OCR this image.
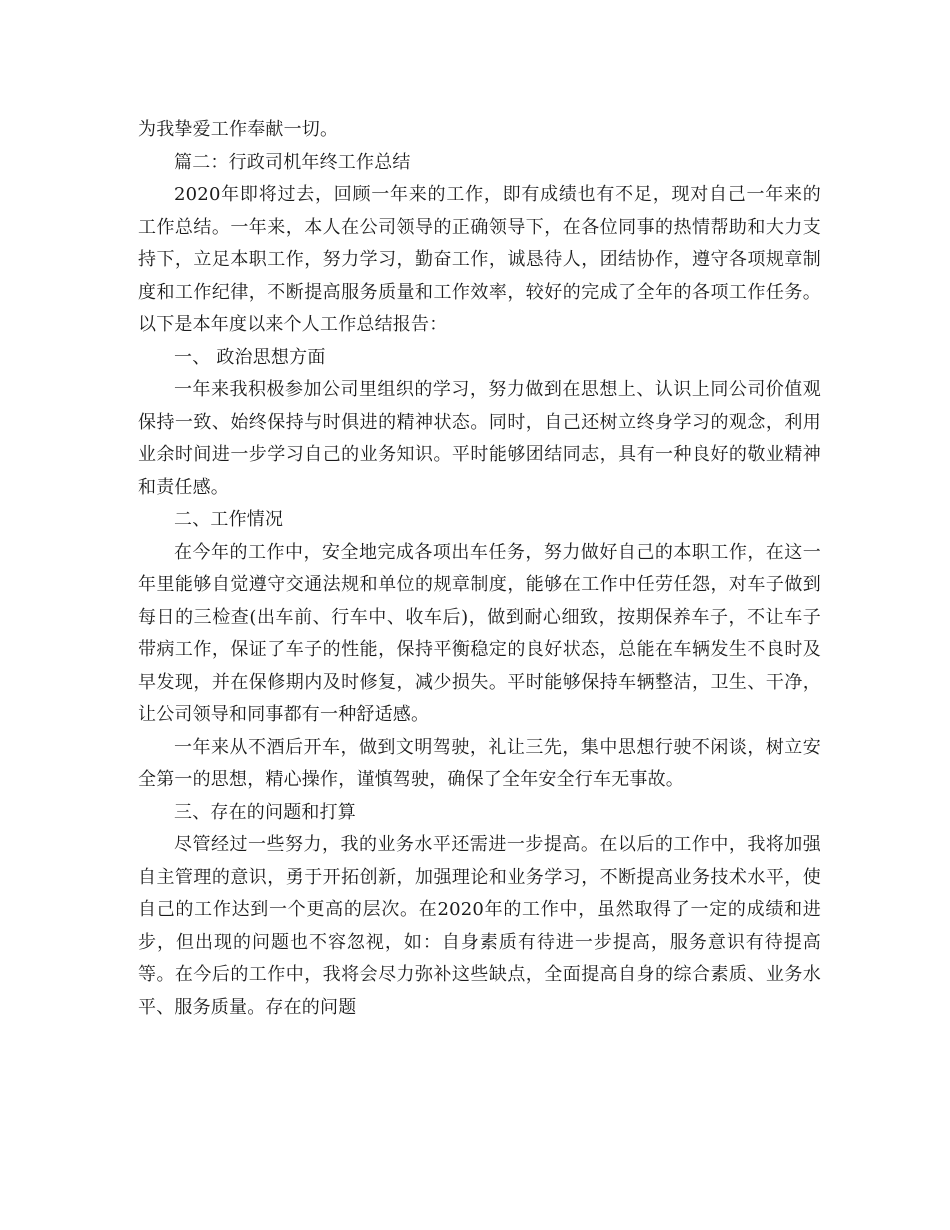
为我挚爱工作奉献一切。

篇二：行政司机年终工作总结

2020年即将过去，回顾一年来的工作，即有成绩也有不足，现对自己一年来的工作总结。一年来，本人在公司领导的正确领导下，在各位同事的热情帮助和大力支持下，立足本职工作，努力学习，勤奋工作，诚恳待人，团结协作，遵守各项规章制度和工作纪律，不断提高服务质量和工作效率，较好的完成了全年的各项工作任务。以下是本年度以来个人工作总结报告：

一、 政治思想方面

一年来我积极参加公司里组织的学习，努力做到在思想上、认识上同公司价值观保持一致、始终保持与时俱进的精神状态。同时，自己还树立终身学习的观念，利用业余时间进一步学习自己的业务知识。平时能够团结同志，具有一种良好的敬业精神和责任感。

二、工作情况

在今年的工作中，安全地完成各项出车任务，努力做好自己的本职工作，在这一年里能够自觉遵守交通法规和单位的规章制度，能够在工作中任劳任怨，对车子做到每日的三检查(出车前、行车中、收车后)，做到耐心细致，按期保养车子，不让车子带病工作，保证了车子的性能，保持平衡稳定的良好状态，总能在车辆发生不良时及早发现，并在保修期内及时修复，减少损失。平时能够保持车辆整洁，卫生、干净，让公司领导和同事都有一种舒适感。

一年来从不酒后开车，做到文明驾驶，礼让三先，集中思想行驶不闲谈，树立安全第一的思想，精心操作，谨慎驾驶，确保了全年安全行车无事故。

三、存在的问题和打算

尽管经过一些努力，我的业务水平还需进一步提高。在以后的工作中，我将加强自主管理的意识，勇于开拓创新，加强理论和业务学习，不断提高业务技术水平，使自己的工作达到一个更高的层次。在2020年的工作中，虽然取得了一定的成绩和进步，但出现的问题也不容忽视，如：自身素质有待进一步提高，服务意识有待提高等。在今后的工作中，我将会尽力弥补这些缺点，全面提高自身的综合素质、业务水平、服务质量。存在的问题
